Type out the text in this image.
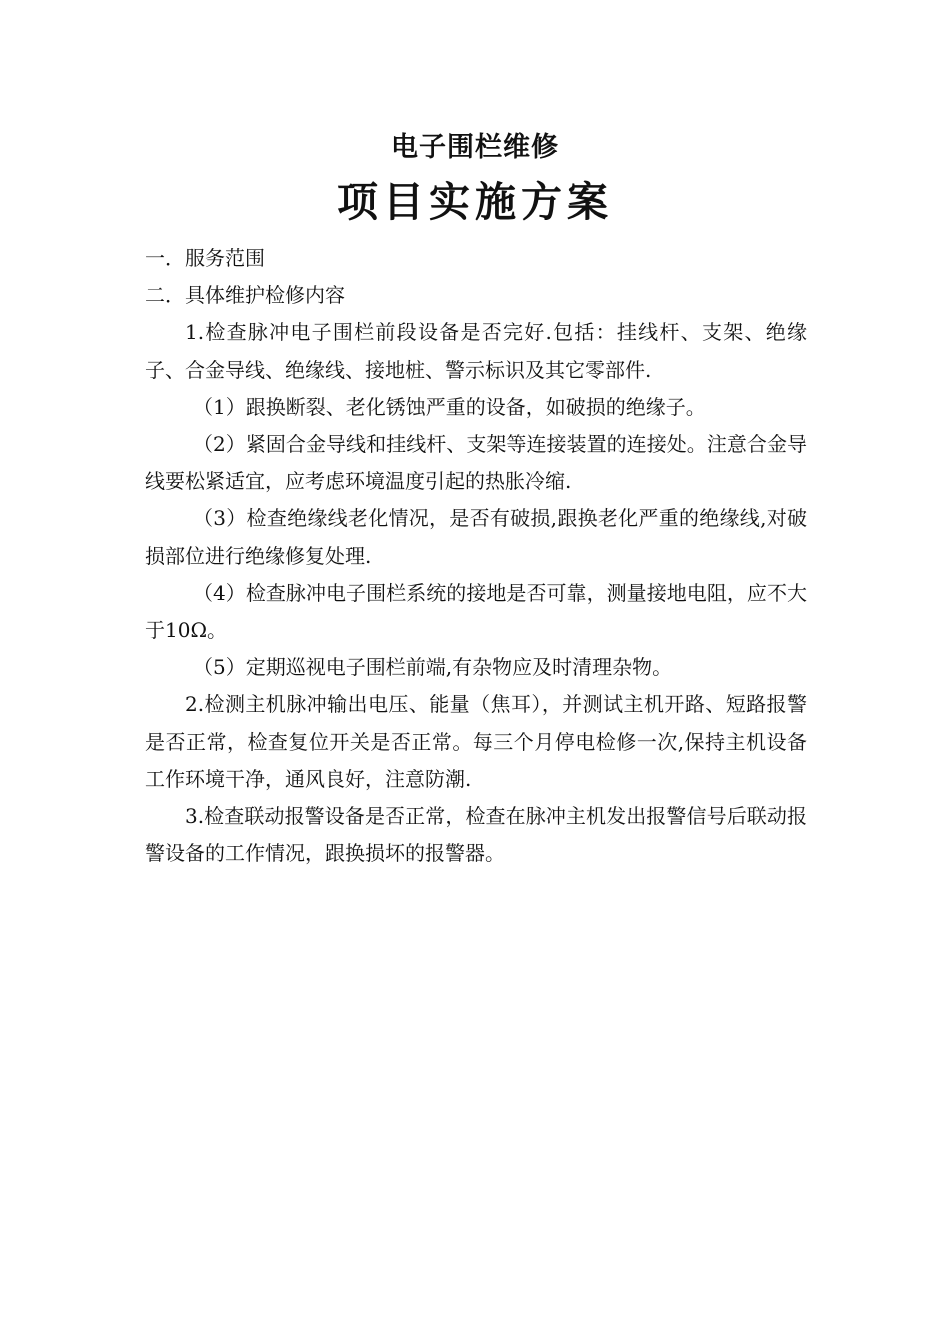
电子围栏维修
项目实施方案

一．服务范围

二．具体维护检修内容

1.检查脉冲电子围栏前段设备是否完好.包括：挂线杆、支架、绝缘子、合金导线、绝缘线、接地桩、警示标识及其它零部件.

（1）跟换断裂、老化锈蚀严重的设备，如破损的绝缘子。

（2）紧固合金导线和挂线杆、支架等连接装置的连接处。注意合金导线要松紧适宜，应考虑环境温度引起的热胀冷缩.

（3）检查绝缘线老化情况，是否有破损,跟换老化严重的绝缘线,对破损部位进行绝缘修复处理.

（4）检查脉冲电子围栏系统的接地是否可靠，测量接地电阻，应不大于10Ω。

（5）定期巡视电子围栏前端,有杂物应及时清理杂物。

2.检测主机脉冲输出电压、能量（焦耳），并测试主机开路、短路报警是否正常，检查复位开关是否正常。每三个月停电检修一次,保持主机设备工作环境干净，通风良好，注意防潮.

3.检查联动报警设备是否正常，检查在脉冲主机发出报警信号后联动报警设备的工作情况，跟换损坏的报警器。
